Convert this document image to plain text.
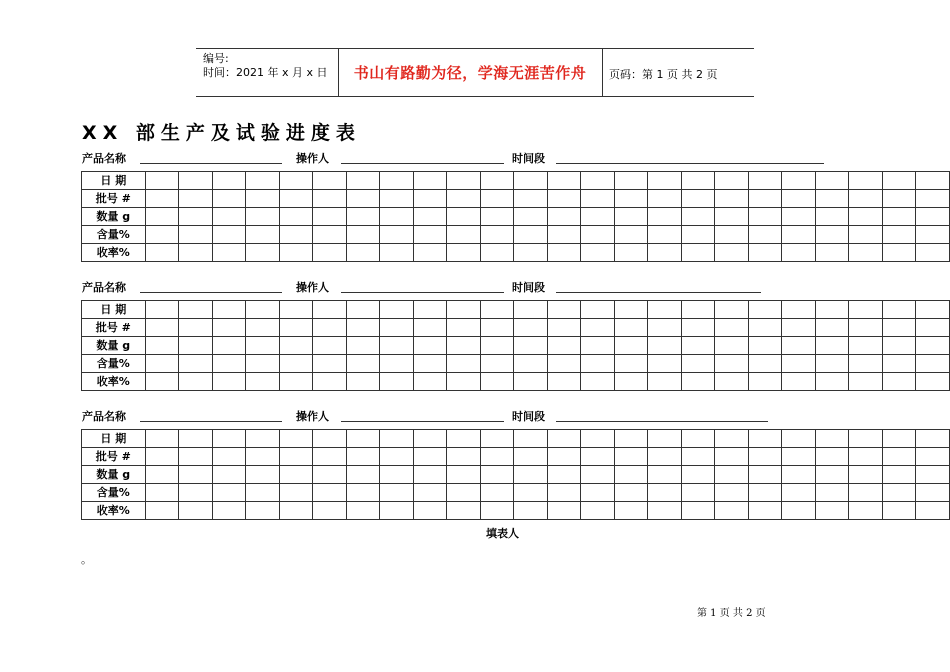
编号:
时间：2021 年 x 月 x 日	书山有路勤为径，学海无涯苦作舟	页码：第 1 页 共 2 页
XX 部生产及试验进度表
产品名称	操作人	时间段
日 期																								
批号 #																								
数量 g																								
含量%																								
收率%																								
产品名称	操作人	时间段
日 期																								
批号 #																								
数量 g																								
含量%																								
收率%																								
产品名称	操作人	时间段
日 期																								
批号 #																								
数量 g																								
含量%																								
收率%																								
填表人
。
第 1 页 共 2 页
